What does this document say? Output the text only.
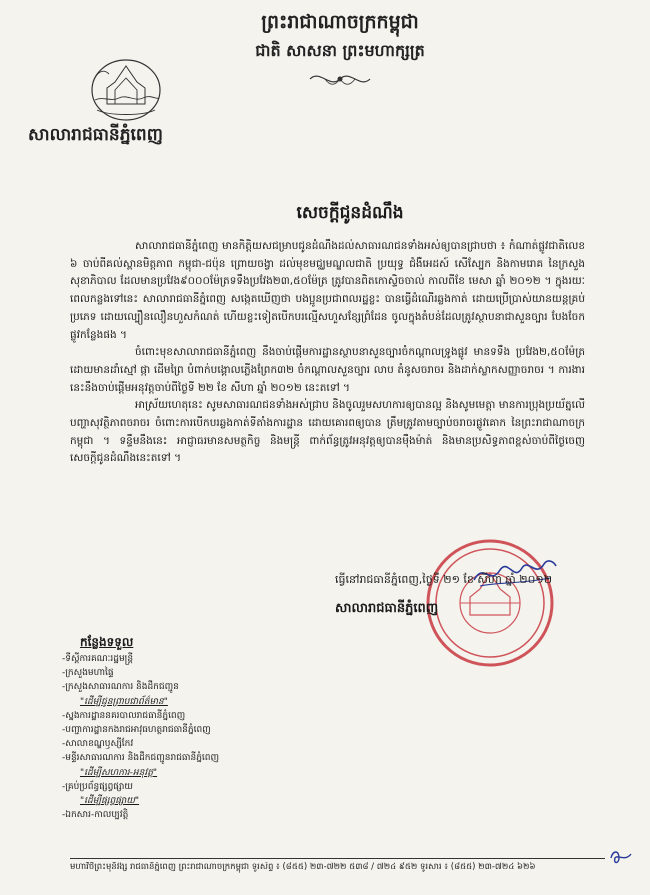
ព្រះរាជាណាចក្រកម្ពុជា
ជាតិ សាសនា ព្រះមហាក្សត្រ
សាលារាជធានីភ្នំពេញ
សេចក្តីជូនដំណឹង

សាលារាជធានីភ្នំពេញ មានកិត្តិយសជម្រាបជូនដំណឹងដល់សាធារណជនទាំងអស់ឲ្យបានជ្រាបថា ៖ កំណាត់ផ្លូវជាតិលេខ ៦ ចាប់ពីគល់ស្ពានមិត្តភាព កម្ពុជា-ជប៉ុន ព្រោយចង្វា ដល់មុខមជ្ឈមណ្ឌលជាតិ ប្រយុទ្ធ ជំងឺអេដស៍ សើស្បែក និងកាមរោគ នៃក្រសួងសុខាភិបាល ដែលមានប្រវែង៩០០០ម៉ែត្រទទឹងប្រវែង២៣,៥០ម៉ែត្រ ត្រូវបានពិតកោស្ទិចចាល់ កាលពីខែ មេសា ឆ្នាំ ២០១២ ។ ក្នុងរយៈពេលកន្លងទៅនេះ សាលារាជធានីភ្នំពេញ សង្កេតឃើញថា បងប្អូនប្រជាពលរដ្ឋខ្លះ បានធ្វើដំណើរឆ្លងកាត់ ដោយប្រើប្រាស់យានយន្តគ្រប់ប្រភេទ ដោយល្បឿនលឿនហួសកំណត់ ហើយខ្លះទៀតបើកបរល្មើសហួសខ្សែព្រំដែន ចូលក្នុងតំបន់ដែលត្រូវស្ថាបនាជាសួនច្បារ បែងចែកផ្លូវកន្លែងផង ។

ចំពោះមុខសាលារាជធានីភ្នំពេញ នឹងចាប់ផ្តើមការដ្ឋានស្ថាបនាសួនច្បារចំកណ្តាលទ្រូងផ្លូវ មានទទឹង ប្រវែង២,៥០ម៉ែត្រ ដោយមានដាំស្មៅ ផ្កា ដើមព្រៃ បំពាក់បង្គោលភ្លើងព្រែក៣២ ចំកណ្តាលសួនច្បារ លាប តំនូសចរាចរ និងដាក់ស្លាកសញ្ញាចរាចរ ។ ការងារនេះនឹងចាប់ផ្តើមអនុវត្តចាប់ពីថ្ងៃទី ២២ ខែ សីហា ឆ្នាំ ២០១២ នេះតទៅ ។

អាស្រ័យហេតុនេះ សូមសាធារណជនទាំងអស់ជ្រាប និងចូលរួមសហការឲ្យបានល្អ និងសូមមេត្តា មានការប្រុងប្រយ័ត្នលើបញ្ហាសុវត្ថិភាពចរាចរ ចំពោះការបើកបរឆ្លងកាត់ទីតាំងការដ្ឋាន ដោយគោរពឲ្យបាន ត្រឹមត្រូវតាមច្បាប់ចរាចរផ្លូវគោក នៃព្រះរាជាណាចក្រកម្ពុជា ។ ទន្ទឹមនឹងនេះ អាជ្ញាធរមានសមត្ថកិច្ច និងមន្ត្រី ពាក់ព័ន្ធត្រូវអនុវត្តឲ្យបានម៉ឺងម៉ាត់ និងមានប្រសិទ្ធភាពខ្ពស់ចាប់ពីថ្ងៃចេញសេចក្តីជូនដំណឹងនេះតទៅ ។

ធ្វើនៅរាជធានីភ្នំពេញ,ថ្ងៃទី ២១ ខែ សីហា ឆ្នាំ ២០១២
សាលារាជធានីភ្នំពេញ
កន្លែងទទួល
-ទីស្តីការគណៈរដ្ឋមន្ត្រី
-ក្រសួងមហាផ្ទៃ
-ក្រសួងសាធារណការ និងដឹកជញ្ជូន
"ដើម្បីជូនព្រាបជាព័ត៌មាន"
-ស្នងការដ្ឋាននគរបាលរាជធានីភ្នំពេញ
-បញ្ជាការដ្ឋានកងរាជអាវុធហត្ថរាជធានីភ្នំពេញ
-សាលាខណ្ឌឫស្សីកែវ
-មន្ទីរសាធារណការ និងដឹកជញ្ជូនរាជធានីភ្នំពេញ
"ដើម្បីសហការ-អនុវត្ត"
-គ្រប់ប្រព័ន្ធផ្សព្វផ្សាយ
"ដើម្បីផ្សព្វផ្សាយ"
-ឯកសារ-កាលប្បវត្តិ
មហាវិថីព្រះមុនីវង្ស រាជធានីភ្នំពេញ ព្រះរាជាណាចក្រកម្ពុជា ទូរស័ព្ទ ៖ (៨៥៥) ២៣-៧២២ ៥៣៨ / ៧២៤ ៩៥២ ទូរសារ ៖ (៨៥៥) ២៣-៧២៤ ៦២៦
